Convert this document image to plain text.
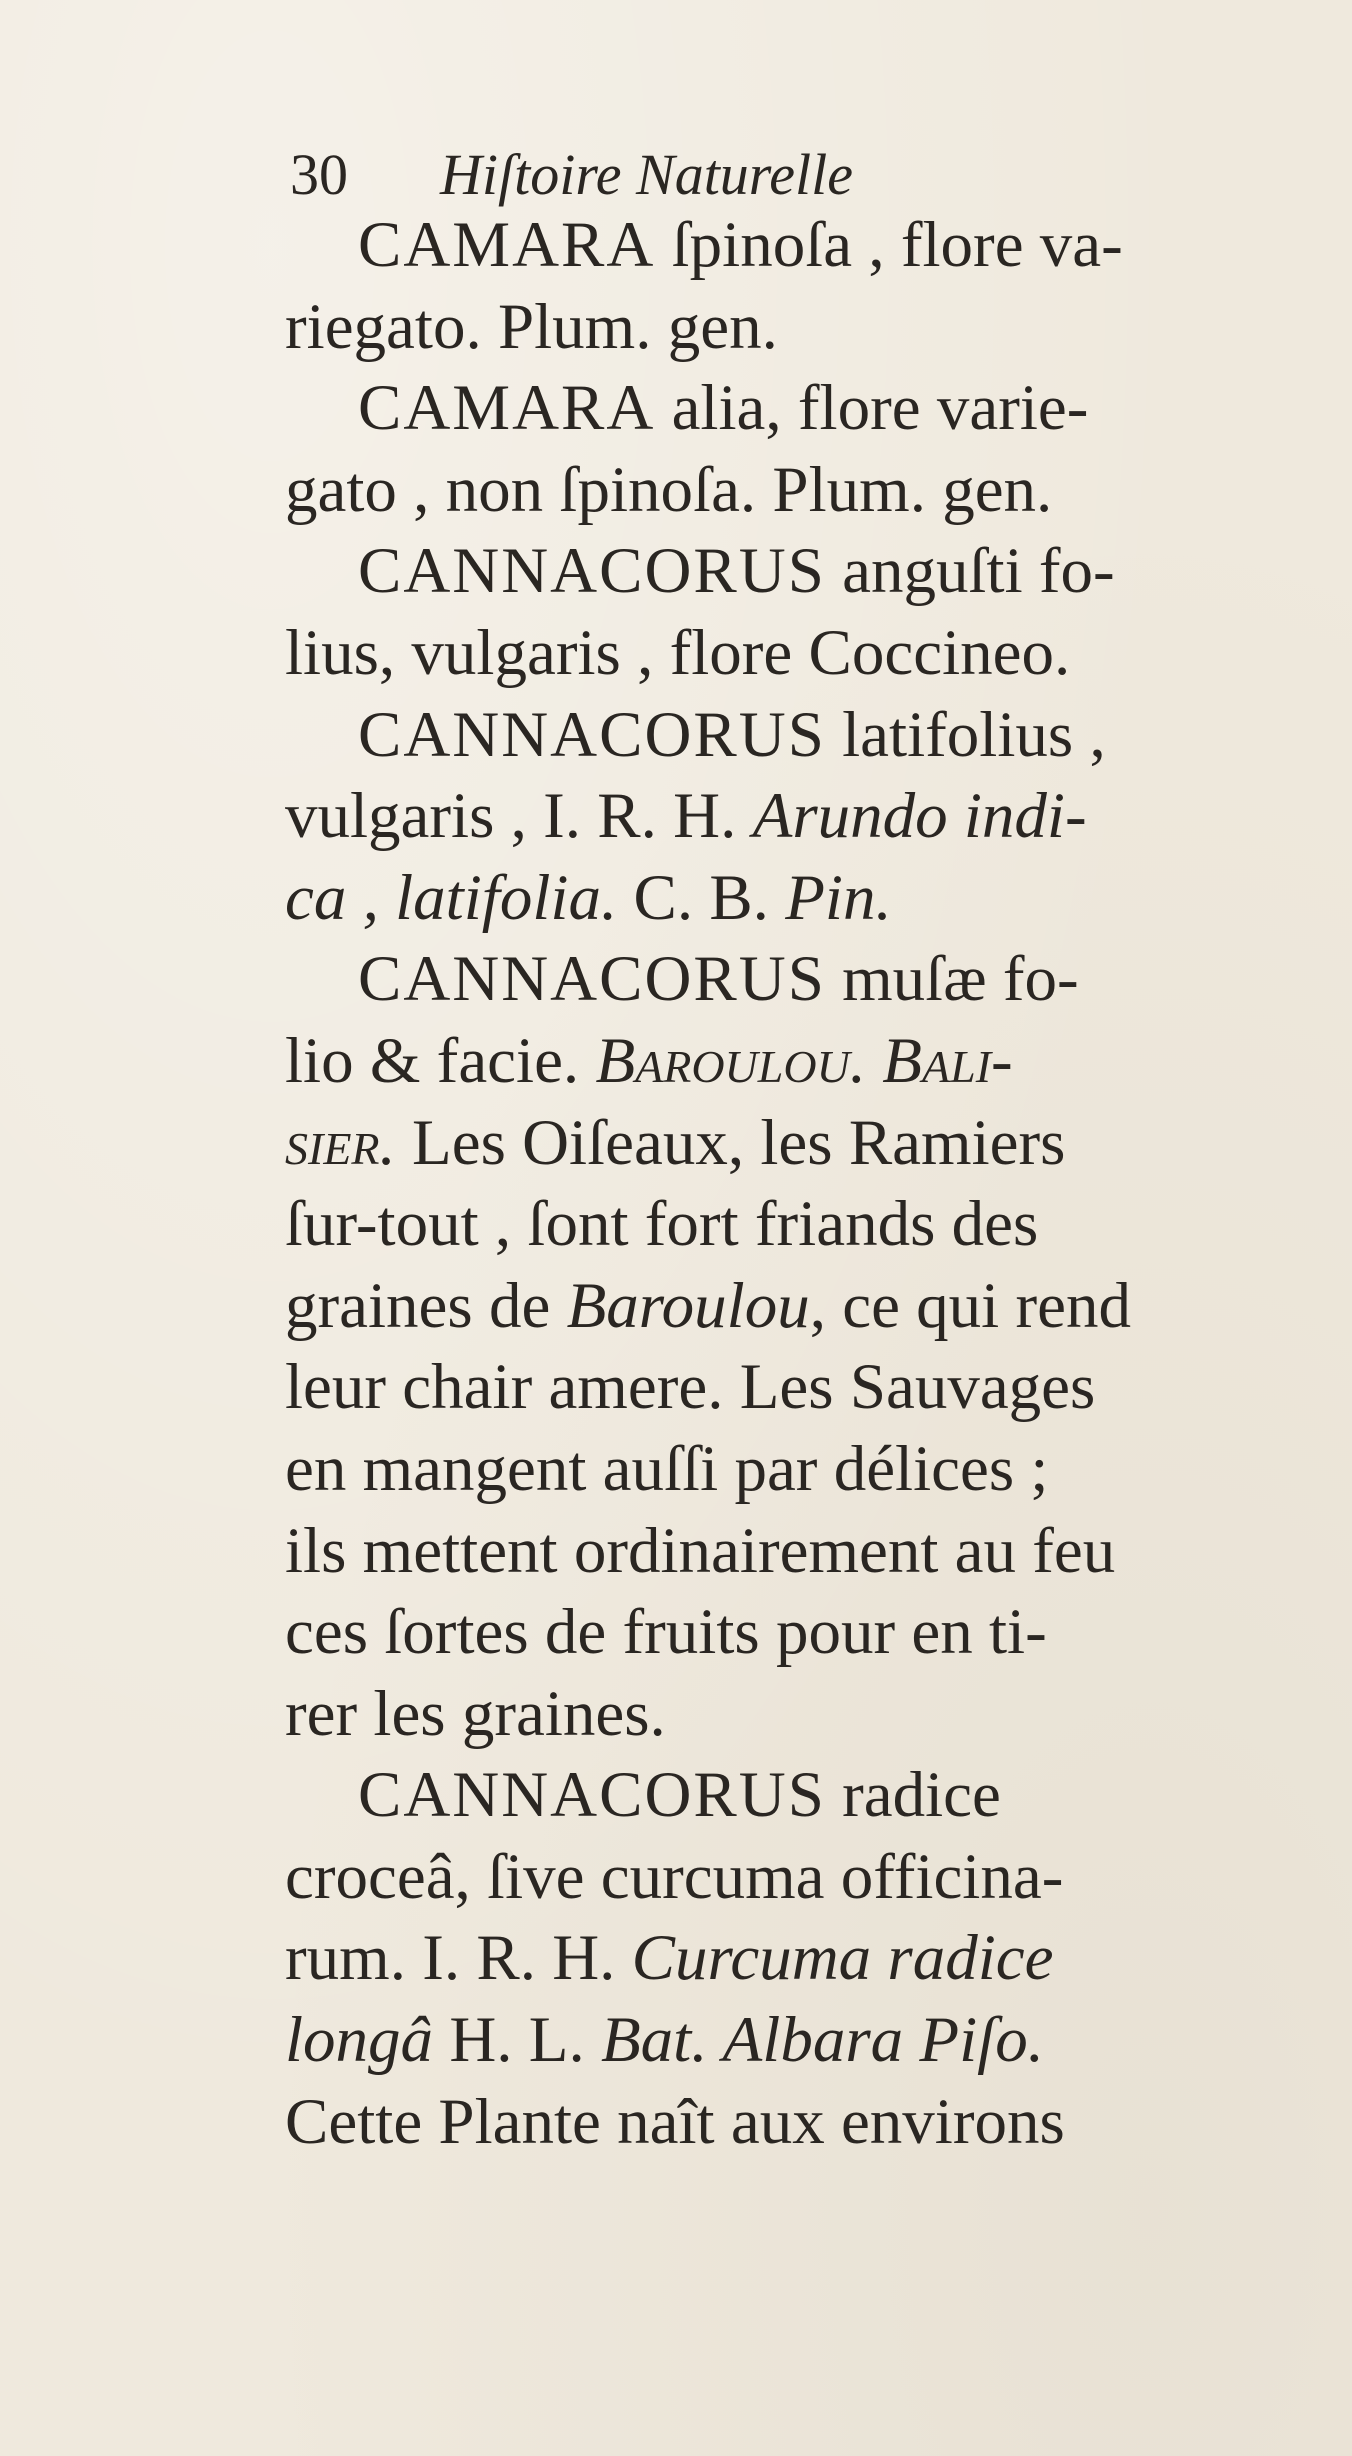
30 Hiſtoire Naturelle
CAMARA ſpinoſa , flore va-
riegato. Plum. gen.
CAMARA alia, flore varie-
gato , non ſpinoſa. Plum. gen.
CANNACORUS anguſti fo-
lius, vulgaris , flore Coccineo.
CANNACORUS latifolius ,
vulgaris , I. R. H. Arundo indi-
ca , latifolia. C. B. Pin.
CANNACORUS muſæ fo-
lio & facie. Baroulou. Bali-
sier. Les Oiſeaux, les Ramiers
ſur-tout , ſont fort friands des
graines de Baroulou, ce qui rend
leur chair amere. Les Sauvages
en mangent auſſi par délices ;
ils mettent ordinairement au feu
ces ſortes de fruits pour en ti-
rer les graines.
CANNACORUS radice
croceâ, ſive curcuma officina-
rum. I. R. H. Curcuma radice
longâ H. L. Bat. Albara Piſo.
Cette Plante naît aux environs
